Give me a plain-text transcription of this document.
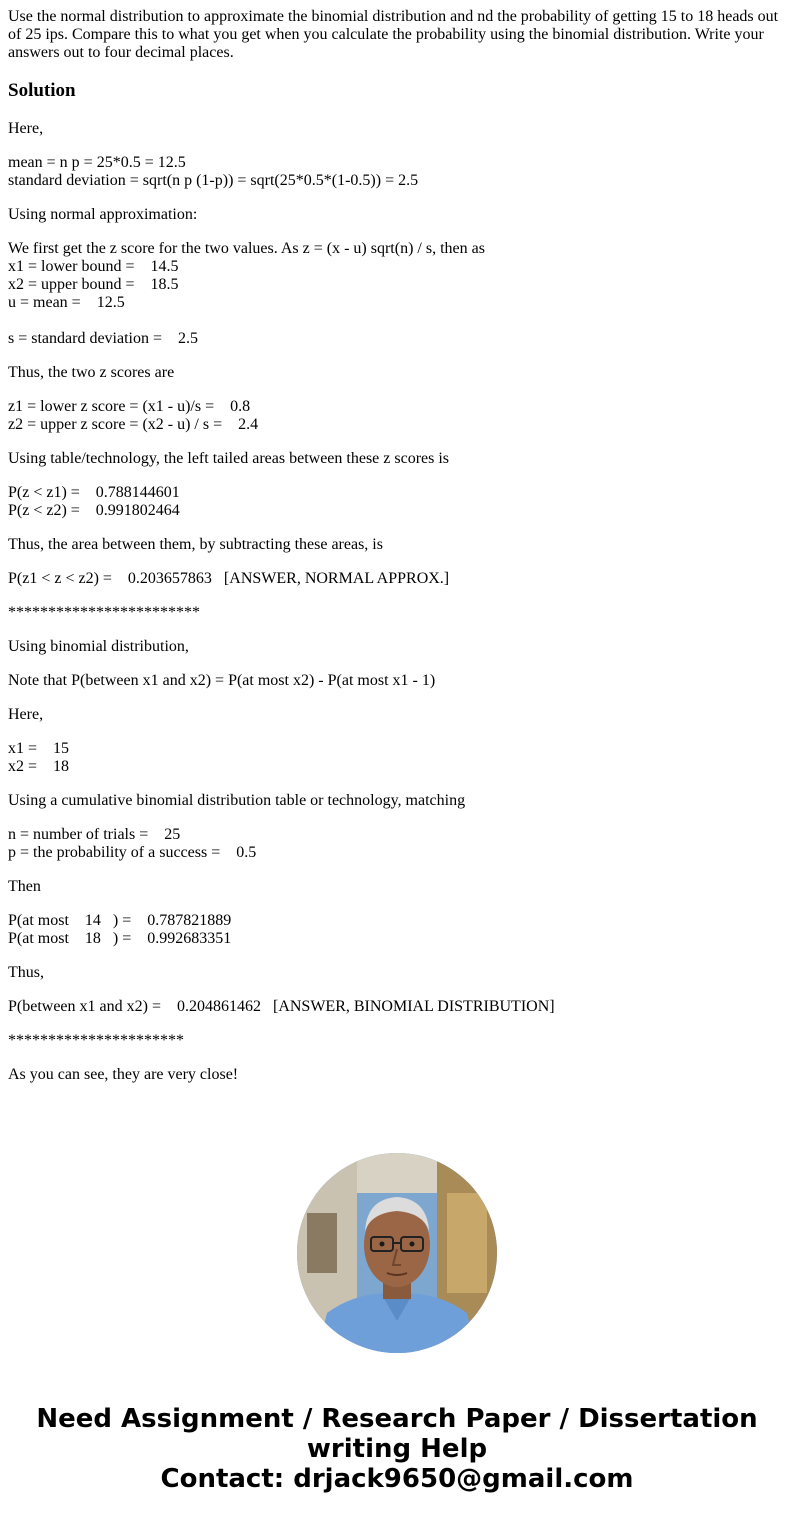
Use the normal distribution to approximate the binomial distribution and nd the probability of getting 15 to 18 heads out of 25 ips. Compare this to what you get when you calculate the probability using the binomial distribution. Write your answers out to four decimal places.

Solution

Here,

mean = n p = 25*0.5 = 12.5
standard deviation = sqrt(n p (1-p)) = sqrt(25*0.5*(1-0.5)) = 2.5

Using normal approximation:

We first get the z score for the two values. As z = (x - u) sqrt(n) / s, then as
x1 = lower bound =    14.5
x2 = upper bound =    18.5
u = mean =    12.5
s = standard deviation =    2.5

Thus, the two z scores are

z1 = lower z score = (x1 - u)/s =    0.8
z2 = upper z score = (x2 - u) / s =    2.4

Using table/technology, the left tailed areas between these z scores is

P(z < z1) =    0.788144601
P(z < z2) =    0.991802464

Thus, the area between them, by subtracting these areas, is

P(z1 < z < z2) =    0.203657863   [ANSWER, NORMAL APPROX.]

************************

Using binomial distribution,

Note that P(between x1 and x2) = P(at most x2) - P(at most x1 - 1)

Here,

x1 =    15
x2 =    18

Using a cumulative binomial distribution table or technology, matching

n = number of trials =    25
p = the probability of a success =    0.5

Then

P(at most    14   ) =    0.787821889
P(at most    18   ) =    0.992683351

Thus,

P(between x1 and x2) =    0.204861462   [ANSWER, BINOMIAL DISTRIBUTION]

**********************

As you can see, they are very close!

Need Assignment / Research Paper / Dissertation
writing Help
Contact: drjack9650@gmail.com
